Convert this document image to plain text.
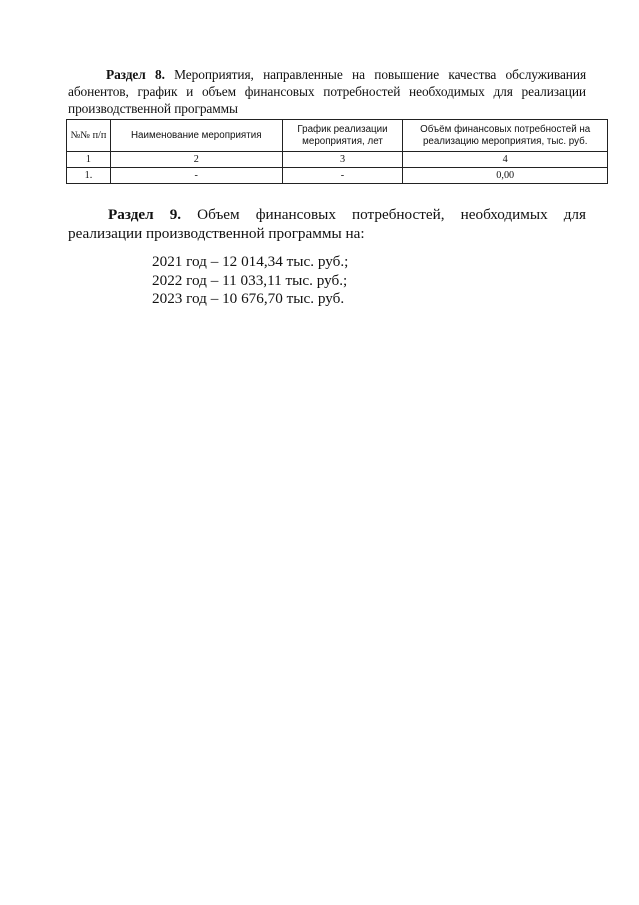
Раздел 8. Мероприятия, направленные на повышение качества обслуживания абонентов, график и объем финансовых потребностей необходимых для реализации производственной программы

№№ п/п	Наименование мероприятия	График реализации мероприятия, лет	Объём финансовых потребностей на реализацию мероприятия, тыс. руб.
1	2	3	4
1.	-	-	0,00

Раздел 9. Объем финансовых потребностей, необходимых для
реализации производственной программы на:

2021 год – 12 014,34 тыс. руб.;
2022 год – 11 033,11 тыс. руб.;
2023 год – 10 676,70 тыс. руб.
